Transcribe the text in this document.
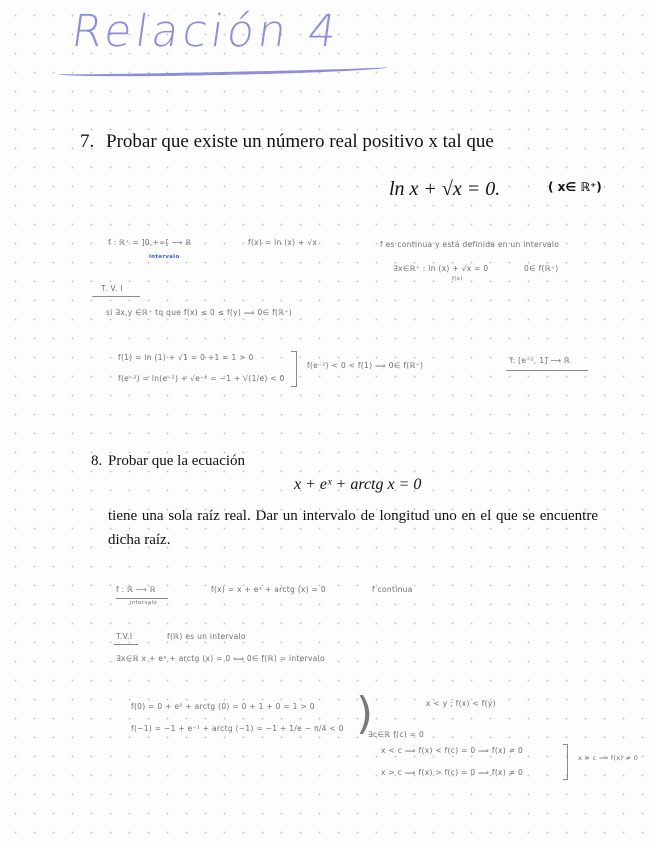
Relación 4
7. Probar que existe un número real positivo x tal que
ln x + √x = 0.	( x∈ ℝ⁺)
f : ℝ⁺ = ]0,+∞[ ⟶ ℝ
intervalo
f(x) = ln (x) + √x	f es continua y está definida en un intervalo
∃x∈ℝ⁺ : ln (x) + √x = 0
f(x)
0∈ f(ℝ⁺)
T. V. I
si ∃x,y ∈ℝ⁺ tq que f(x) ≤ 0 ≤ f(y) ⟹ 0∈ f(ℝ⁺)
f(1) = ln (1) + √1 = 0 +1 = 1 > 0
f(e⁻²) = ln(e⁻²) + √e⁻² = −1 + √(1/e) < 0
f(e⁻²) < 0 < f(1) ⟹ 0∈ f(ℝ⁺)
f: [e⁻², 1] ⟶ ℝ
8. Probar que la ecuación
x + eˣ + arctg x = 0
tiene una sola raíz real. Dar un intervalo de longitud uno en el que se encuentre dicha raíz.
f : ℝ ⟶ ℝ
intervalo
f(x) = x + eˣ + arctg (x) = 0	f continua
T.V.I	f(ℝ) es un intervalo
∃x∈ℝ x + eˣ + arctg (x) = 0 ⟺ 0∈ f(ℝ) = intervalo
f(0) = 0 + e⁰ + arctg (0) = 0 + 1 + 0 = 1 > 0
f(−1) = −1 + e⁻¹ + arctg (−1) = −1 + 1/e − π/4 < 0 )	x < y ; f(x) < f(y)
∃c∈ℝ f(c) = 0
x < c ⟹ f(x) < f(c) = 0 ⟹ f(x) ≠ 0
x > c ⟹ f(x) > f(c) = 0 ⟹ f(x) ≠ 0
x ≠ c ⟹ f(x) ≠ 0
